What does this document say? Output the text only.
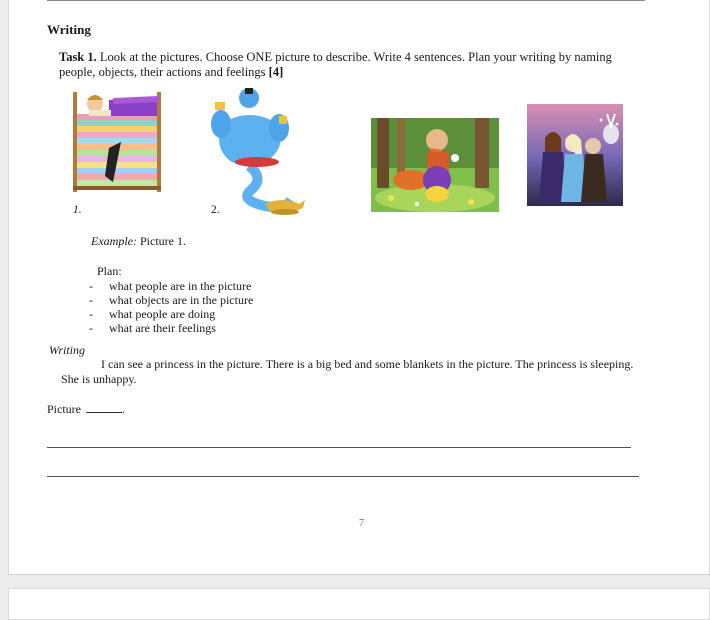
Writing
Task 1. Look at the pictures. Choose ONE picture to describe. Write 4 sentences. Plan your writing by naming people, objects, their actions and feelings [4]
1.	2.
Example: Picture 1.
Plan:
- what people are in the picture
- what objects are in the picture
- what people are doing
- what are their feelings
Writing
I can see a princess in the picture. There is a big bed and some blankets in the picture. The princess is sleeping. She is unhappy.
Picture	.
7
